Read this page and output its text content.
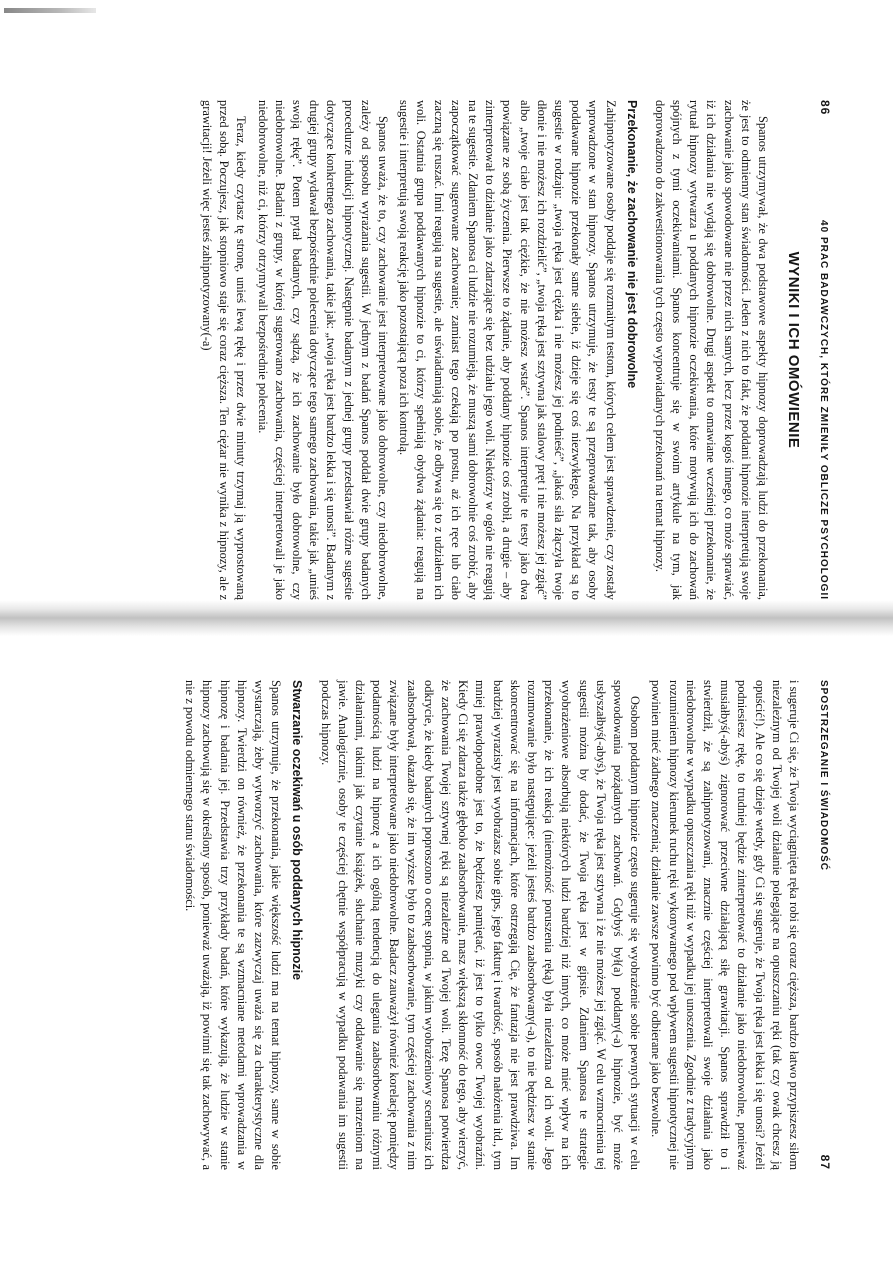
86
40 PRAC BADAWCZYCH, KTÓRE ZMIENIŁY OBLICZE PSYCHOLOGII
WYNIKI I ICH OMÓWIENIE

Spanos utrzymywał, że dwa podstawowe aspekty hipnozy doprowadzają ludzi do przekonania, że jest to odmienny stan świadomości. Jeden z nich to fakt, że poddani hipnozie interpretują swoje zachowanie jako spowodowane nie przez nich samych, lecz przez kogoś innego, co może sprawiać, iż ich działania nie wydają się dobrowolne. Drugi aspekt to omawiane wcześniej przekonanie, że rytuał hipnozy wytwarza u poddanych hipnozie oczekiwania, które motywują ich do zachowań spójnych z tymi oczekiwaniami. Spanos koncentruje się w swoim artykule na tym, jak doprowadzono do zakwestionowania tych często wypowiadanych przekonań na temat hipnozy.

Przekonanie, że zachowanie nie jest dobrowolne

Zahipnotyzowane osoby poddaje się rozmaitym testom, których celem jest sprawdzenie, czy zostały wprowadzone w stan hipnozy. Spanos utrzymuje, że testy te są przeprowadzane tak, aby osoby poddawane hipnozie przekonały same siebie, iż dzieje się coś niezwykłego. Na przykład są to sugestie w rodzaju: „twoja ręka jest ciężka i nie możesz jej podnieść”, „jakaś siła złączyła twoje dłonie i nie możesz ich rozdzielić”, „twoja ręka jest sztywna jak stalowy pręt i nie możesz jej zgiąć” albo „twoje ciało jest tak ciężkie, że nie możesz wstać”. Spanos interpretuje te testy jako dwa powiązane ze sobą życzenia. Pierwsze to żądanie, aby poddany hipnozie coś zrobił, a drugie – aby zinterpretował to działanie jako zdarzające się bez udziału jego woli. Niektórzy w ogóle nie reagują na te sugestie. Zdaniem Spanosa ci ludzie nie rozumieją, że muszą sami dobrowolnie coś zrobić, aby zapoczątkować sugerowane zachowanie; zamiast tego czekają po prostu, aż ich ręce lub ciało zaczną się ruszać. Inni reagują na sugestie, ale uświadamiają sobie, że odbywa się to z udziałem ich woli. Ostatnia grupa poddawanych hipnozie to ci, którzy spełniają obydwa żądania: reagują na sugestie i interpretują swoją reakcję jako pozostającą poza ich kontrolą.

Spanos uważa, że to, czy zachowanie jest interpretowane jako dobrowolne, czy niedobrowolne, zależy od sposobu wyrażania sugestii. W jednym z badań Spanos poddał dwie grupy badanych procedurze indukcji hipnotycznej. Następnie badanym z jednej grupy przedstawiał różne sugestie dotyczące konkretnego zachowania, takie jak: „twoja ręka jest bardzo lekka i się unosi”. Badanym z drugiej grupy wydawał bezpośrednie polecenia dotyczące tego samego zachowania, takie jak „unieś swoją rękę”. Potem pytał badanych, czy sądzą, że ich zachowanie było dobrowolne, czy niedobrowolne. Badani z grupy, w której sugerowano zachowania, częściej interpretowali je jako niedobrowolne, niż ci, którzy otrzymywali bezpośrednie polecenia.

Teraz, kiedy czytasz tę stronę, unieś lewą rękę i przez dwie minuty trzymaj ją wyprostowaną przed sobą. Poczujesz, jak stopniowo staje się coraz cięższa. Ten ciężar nie wynika z hipnozy, ale z grawitacji! Jeżeli więc jesteś zahipnotyzowany(-a)

SPOSTRZEGANIE I ŚWIADOMOŚĆ
87

i sugeruje Ci się, że Twoja wyciągnięta ręka robi się coraz cięższa, bardzo łatwo przypiszesz siłom niezależnym od Twojej woli działanie polegające na opuszczaniu ręki (tak czy owak chcesz ją opuścić!). Ale co się dzieje wtedy, gdy Ci się sugeruje, że Twoja ręka jest lekka i się unosi? Jeżeli podniesiesz rękę, to trudniej będzie zinterpretować to działanie jako niedobrowolne, ponieważ musiałbyś(-abyś) zignorować przeciwne działającą siłę grawitacji. Spanos sprawdził to i stwierdził, że są zahipnotyzowani, znacznie częściej interpretowali swoje działania jako niedobrowolne w wypadku opuszczania ręki niż w wypadku jej unoszenia. Zgodnie z tradycyjnym rozumieniem hipnozy kierunek ruchu ręki wykonywanego pod wpływem sugestii hipnotycznej nie powinien mieć żadnego znaczenia; działanie zawsze powinno być odbierane jako bezwolne.

Osobom poddanym hipnozie często sugeruje się wyobrażenie sobie pewnych sytuacji w celu spowodowania pożądanych zachowań. Gdybyś był(a) poddany(-a) hipnozie, być może usłyszałbyś(-abyś), że Twoja ręka jest sztywna i że nie możesz jej zgiąć. W celu wzmocnienia tej sugestii można by dodać, że Twoja ręka jest w gipsie. Zdaniem Spanosa te strategie wyobrażeniowe absorbują niektórych ludzi bardziej niż innych, co może mieć wpływ na ich przekonanie, że ich reakcja (niemożność poruszenia ręką) była niezależna od ich woli. Jego rozumowanie było następujące: jeżeli jesteś bardzo zaabsorbowany(-a), to nie będziesz w stanie skoncentrować się na informacjach, które ostrzegają Cię, że fantazja nie jest prawdziwa. Im bardziej wyrazisty jest wyobrażasz sobie gips, jego fakturę i twardość, sposób nałożenia itd., tym mniej prawdopodobne jest to, że będziesz pamiętać, iż jest to tylko owoc Twojej wyobraźni. Kiedy Ci się zdarza także głęboko zaabsorbowanie, masz większą skłonność do tego, aby wierzyć, że zachowania Twojej sztywnej ręki są niezależne od Twojej woli. Tezę Spanosa potwierdza odkrycie, że kiedy badanych poproszono o ocenę stopnia, w jakim wyobrażeniowy scenariusz ich zaabsorbował, okazało się, że im wyższe było to zaabsorbowanie, tym częściej zachowania z nim związane były interpretowane jako niedobrowolne. Badacz zauważył również korelację pomiędzy podatnością ludzi na hipnozę a ich ogólną tendencją do ulegania zaabsorbowaniu różnymi działaniami, takimi jak czytanie książek, słuchanie muzyki czy oddawanie się marzeniom na jawie. Analogicznie, osoby te częściej chętnie współpracują w wypadku podawania im sugestii podczas hipnozy.

Stwarzanie oczekiwań u osób poddanych hipnozie

Spanos utrzymuje, że przekonania, jakie większość ludzi ma na temat hipnozy, same w sobie wystarczają, żeby wytworzyć zachowania, które zazwyczaj uważa się za charakterystyczne dla hipnozy. Twierdzi on również, że przekonania te są wzmacniane metodami wprowadzania w hipnozę i badania jej. Przedstawia trzy przykłady badań, które wykazują, że ludzie w stanie hipnozy zachowują się w określony sposób, ponieważ uważają, iż powinni się tak zachowywać, a nie z powodu odmiennego stanu świadomości.
